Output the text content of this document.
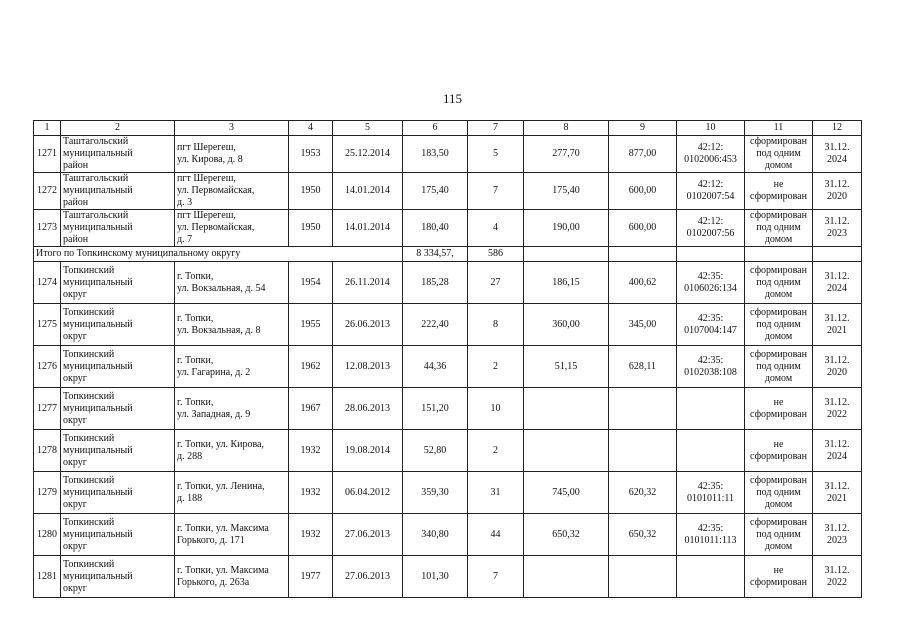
115
1	2	3	4	5	6	7	8	9	10	11	12
1271	Таштагольский
муниципальный
район	пгт Шерегеш,
ул. Кирова, д. 8	1953	25.12.2014	183,50	5	277,70	877,00	42:12:
0102006:453	сформирован
под одним
домом	31.12.
2024

1272	Таштагольский
муниципальный
район	пгт Шерегеш,
ул. Первомайская,
д. 3	1950	14.01.2014	175,40	7	175,40	600,00	42:12:
0102007:54	не
сформирован	31.12.
2020

1273	Таштагольский
муниципальный
район	пгт Шерегеш,
ул. Первомайская,
д. 7	1950	14.01.2014	180,40	4	190,00	600,00	42:12:
0102007:56	сформирован
под одним
домом	31.12.
2023

Итого по Топкинскому муниципальному округу					8 334,57,	586					
1274	Топкинский
муниципальный
округ	г. Топки,
ул. Вокзальная, д. 54	1954	26.11.2014	185,28	27	186,15	400,62	42:35:
0106026:134	сформирован
под одним
домом	31.12.
2024

1275	Топкинский
муниципальный
округ	г. Топки,
ул. Вокзальная, д. 8	1955	26.06.2013	222,40	8	360,00	345,00	42:35:
0107004:147	сформирован
под одним
домом	31.12.
2021

1276	Топкинский
муниципальный
округ	г. Топки,
ул. Гагарина, д. 2	1962	12.08.2013	44,36	2	51,15	628,11	42:35:
0102038:108	сформирован
под одним
домом	31.12.
2020

1277	Топкинский
муниципальный
округ	г. Топки,
ул. Западная, д. 9	1967	28.06.2013	151,20	10				не
сформирован	31.12.
2022

1278	Топкинский
муниципальный
округ	г. Топки, ул. Кирова,
д. 288	1932	19.08.2014	52,80	2				не
сформирован	31.12.
2024

1279	Топкинский
муниципальный
округ	г. Топки, ул. Ленина,
д. 188	1932	06.04.2012	359,30	31	745,00	620,32	42:35:
0101011:11	сформирован
под одним
домом	31.12.
2021

1280	Топкинский
муниципальный
округ	г. Топки, ул. Максима
Горького, д. 171	1932	27.06.2013	340,80	44	650,32	650,32	42:35:
0101011:113	сформирован
под одним
домом	31.12.
2023

1281	Топкинский
муниципальный
округ	г. Топки, ул. Максима
Горького, д. 263а	1977	27.06.2013	101,30	7				не
сформирован	31.12.
2022
